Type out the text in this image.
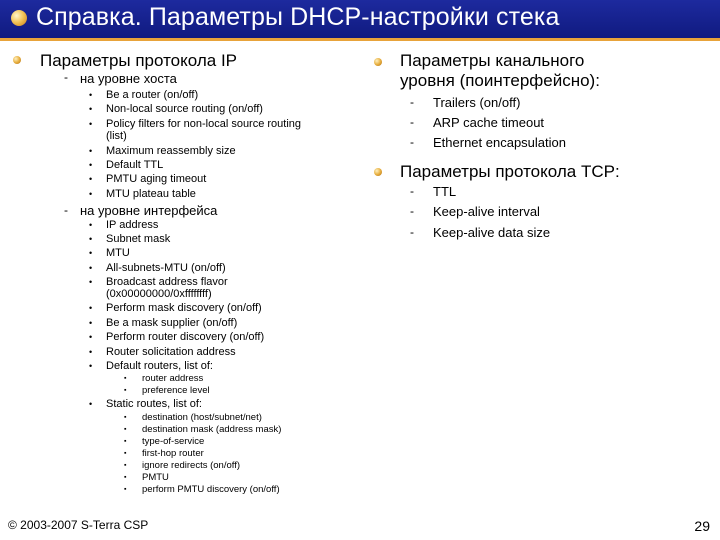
Справка. Параметры DHCP-настройки стека
Параметры протокола IP
- на уровне хоста
• Be a router (on/off)
• Non-local source routing (on/off)
• Policy filters for non-local source routing
(list)
• Maximum reassembly size
• Default TTL
• PMTU aging timeout
• MTU plateau table
- на уровне интерфейса
• IP address
• Subnet mask
• MTU
• All-subnets-MTU (on/off)
• Broadcast address flavor
(0x00000000/0xffffffff)
• Perform mask discovery (on/off)
• Be a mask supplier (on/off)
• Perform router discovery (on/off)
• Router solicitation address
• Default routers, list of:
▪ router address
▪ preference level
• Static routes, list of:
▪ destination (host/subnet/net)
▪ destination mask (address mask)
▪ type-of-service
▪ first-hop router
▪ ignore redirects (on/off)
▪ PMTU
▪ perform PMTU discovery (on/off)
Параметры канального
уровня (поинтерфейсно):
- Trailers (on/off)
- ARP cache timeout
- Ethernet encapsulation
Параметры протокола TCP:
- TTL
- Keep-alive interval
- Keep-alive data size
© 2003-2007 S-Terra CSP	29
